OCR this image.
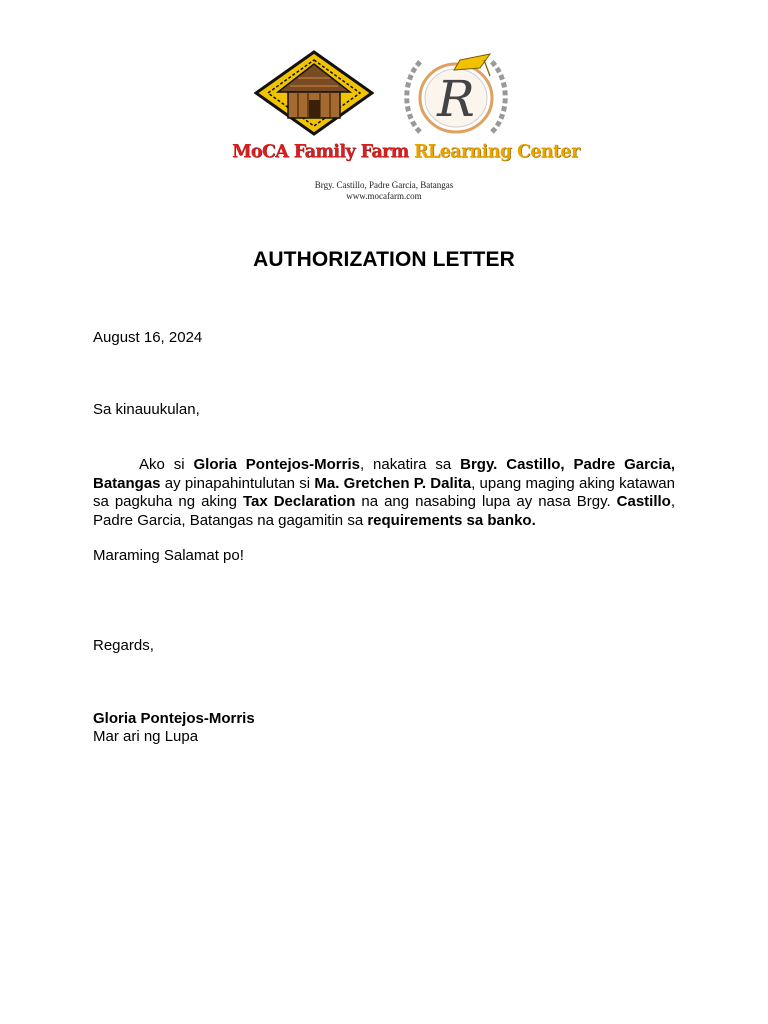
R
MoCA Family Farm RLearning Center
Brgy. Castillo, Padre Garcia, Batangas
www.mocafarm.com
AUTHORIZATION LETTER
August 16, 2024
Sa kinauukulan,
Ako si Gloria Pontejos-Morris, nakatira sa Brgy. Castillo, Padre Garcia, Batangas ay pinapahintulutan si Ma. Gretchen P. Dalita, upang maging aking katawan sa pagkuha ng aking Tax Declaration na ang nasabing lupa ay nasa Brgy. Castillo, Padre Garcia, Batangas na gagamitin sa requirements sa banko.
Maraming Salamat po!
Regards,
Gloria Pontejos-Morris
Mar ari ng Lupa
